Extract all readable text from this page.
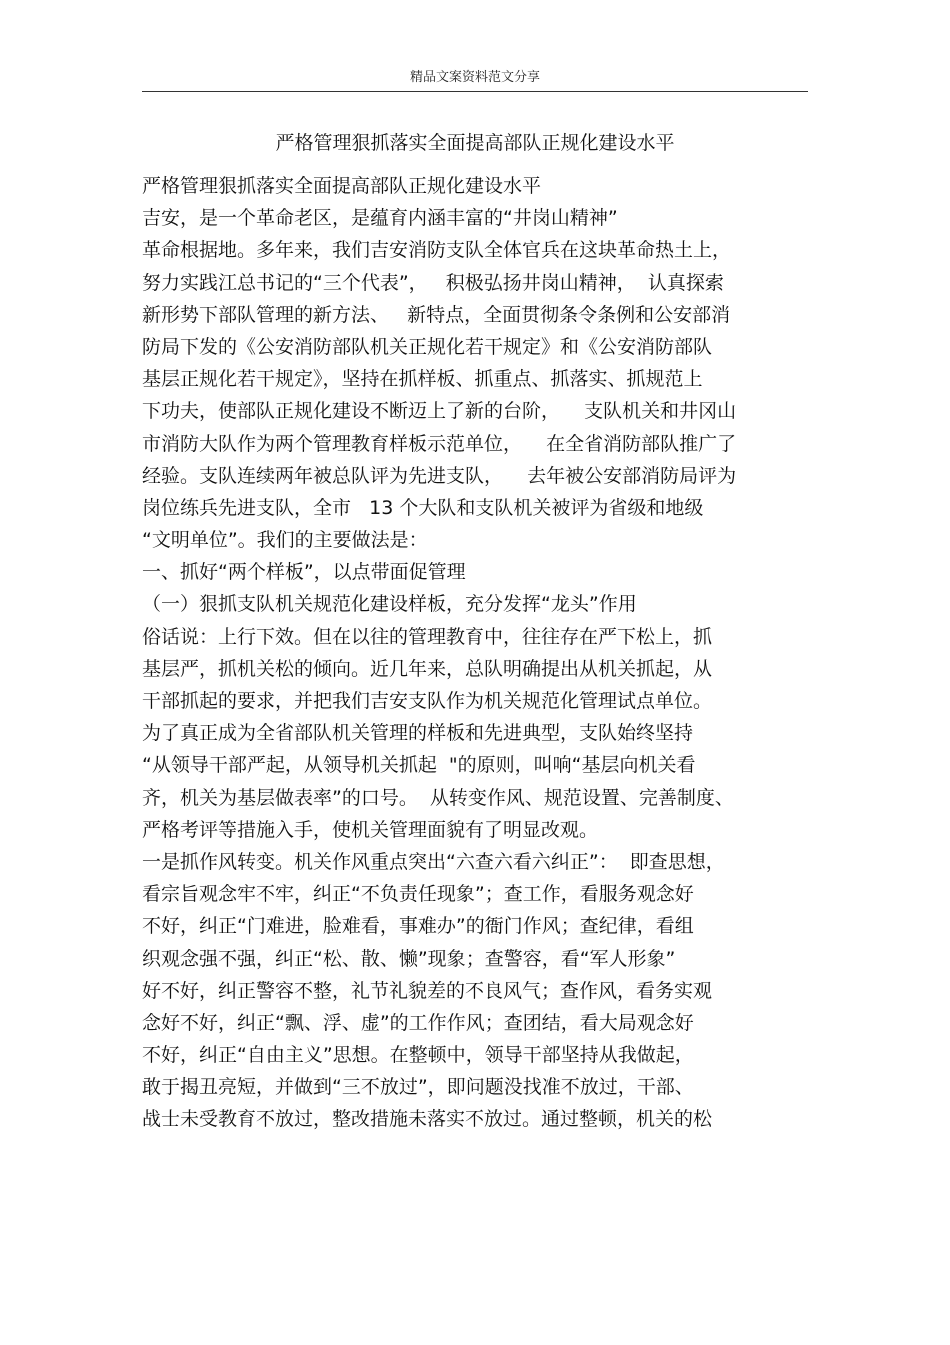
精品文案资料范文分享
严格管理狠抓落实全面提高部队正规化建设水平
严格管理狠抓落实全面提高部队正规化建设水平
吉安，是一个革命老区，是蕴育内涵丰富的“井岗山精神”
革命根据地。多年来，我们吉安消防支队全体官兵在这块革命热土上，
努力实践江总书记的“三个代表”，   积极弘扬井岗山精神，  认真探索
新形势下部队管理的新方法、   新特点，全面贯彻条令条例和公安部消
防局下发的《公安消防部队机关正规化若干规定》和《公安消防部队
基层正规化若干规定》，坚持在抓样板、抓重点、抓落实、抓规范上
下功夫，使部队正规化建设不断迈上了新的台阶，    支队机关和井冈山
市消防大队作为两个管理教育样板示范单位，    在全省消防部队推广了
经验。支队连续两年被总队评为先进支队，    去年被公安部消防局评为
岗位练兵先进支队，全市   13 个大队和支队机关被评为省级和地级
“文明单位”。我们的主要做法是：
一、抓好“两个样板”，以点带面促管理
（一）狠抓支队机关规范化建设样板，充分发挥“龙头”作用
俗话说：上行下效。但在以往的管理教育中，往往存在严下松上，抓
基层严，抓机关松的倾向。近几年来，总队明确提出从机关抓起，从
干部抓起的要求，并把我们吉安支队作为机关规范化管理试点单位。
为了真正成为全省部队机关管理的样板和先进典型，支队始终坚持
“从领导干部严起，从领导机关抓起  "的原则，叫响“基层向机关看
齐，机关为基层做表率”的口号。  从转变作风、规范设置、完善制度、
严格考评等措施入手，使机关管理面貌有了明显改观。
一是抓作风转变。机关作风重点突出“六查六看六纠正”：  即查思想，
看宗旨观念牢不牢，纠正“不负责任现象”；查工作，看服务观念好
不好，纠正“门难进，脸难看，事难办”的衙门作风；查纪律，看组
织观念强不强，纠正“松、散、懒”现象；查警容，看“军人形象”
好不好，纠正警容不整，礼节礼貌差的不良风气；查作风，看务实观
念好不好，纠正“飘、浮、虚”的工作作风；查团结，看大局观念好
不好，纠正“自由主义”思想。在整顿中，领导干部坚持从我做起，
敢于揭丑亮短，并做到“三不放过”，即问题没找准不放过，干部、
战士未受教育不放过，整改措施未落实不放过。通过整顿，机关的松
